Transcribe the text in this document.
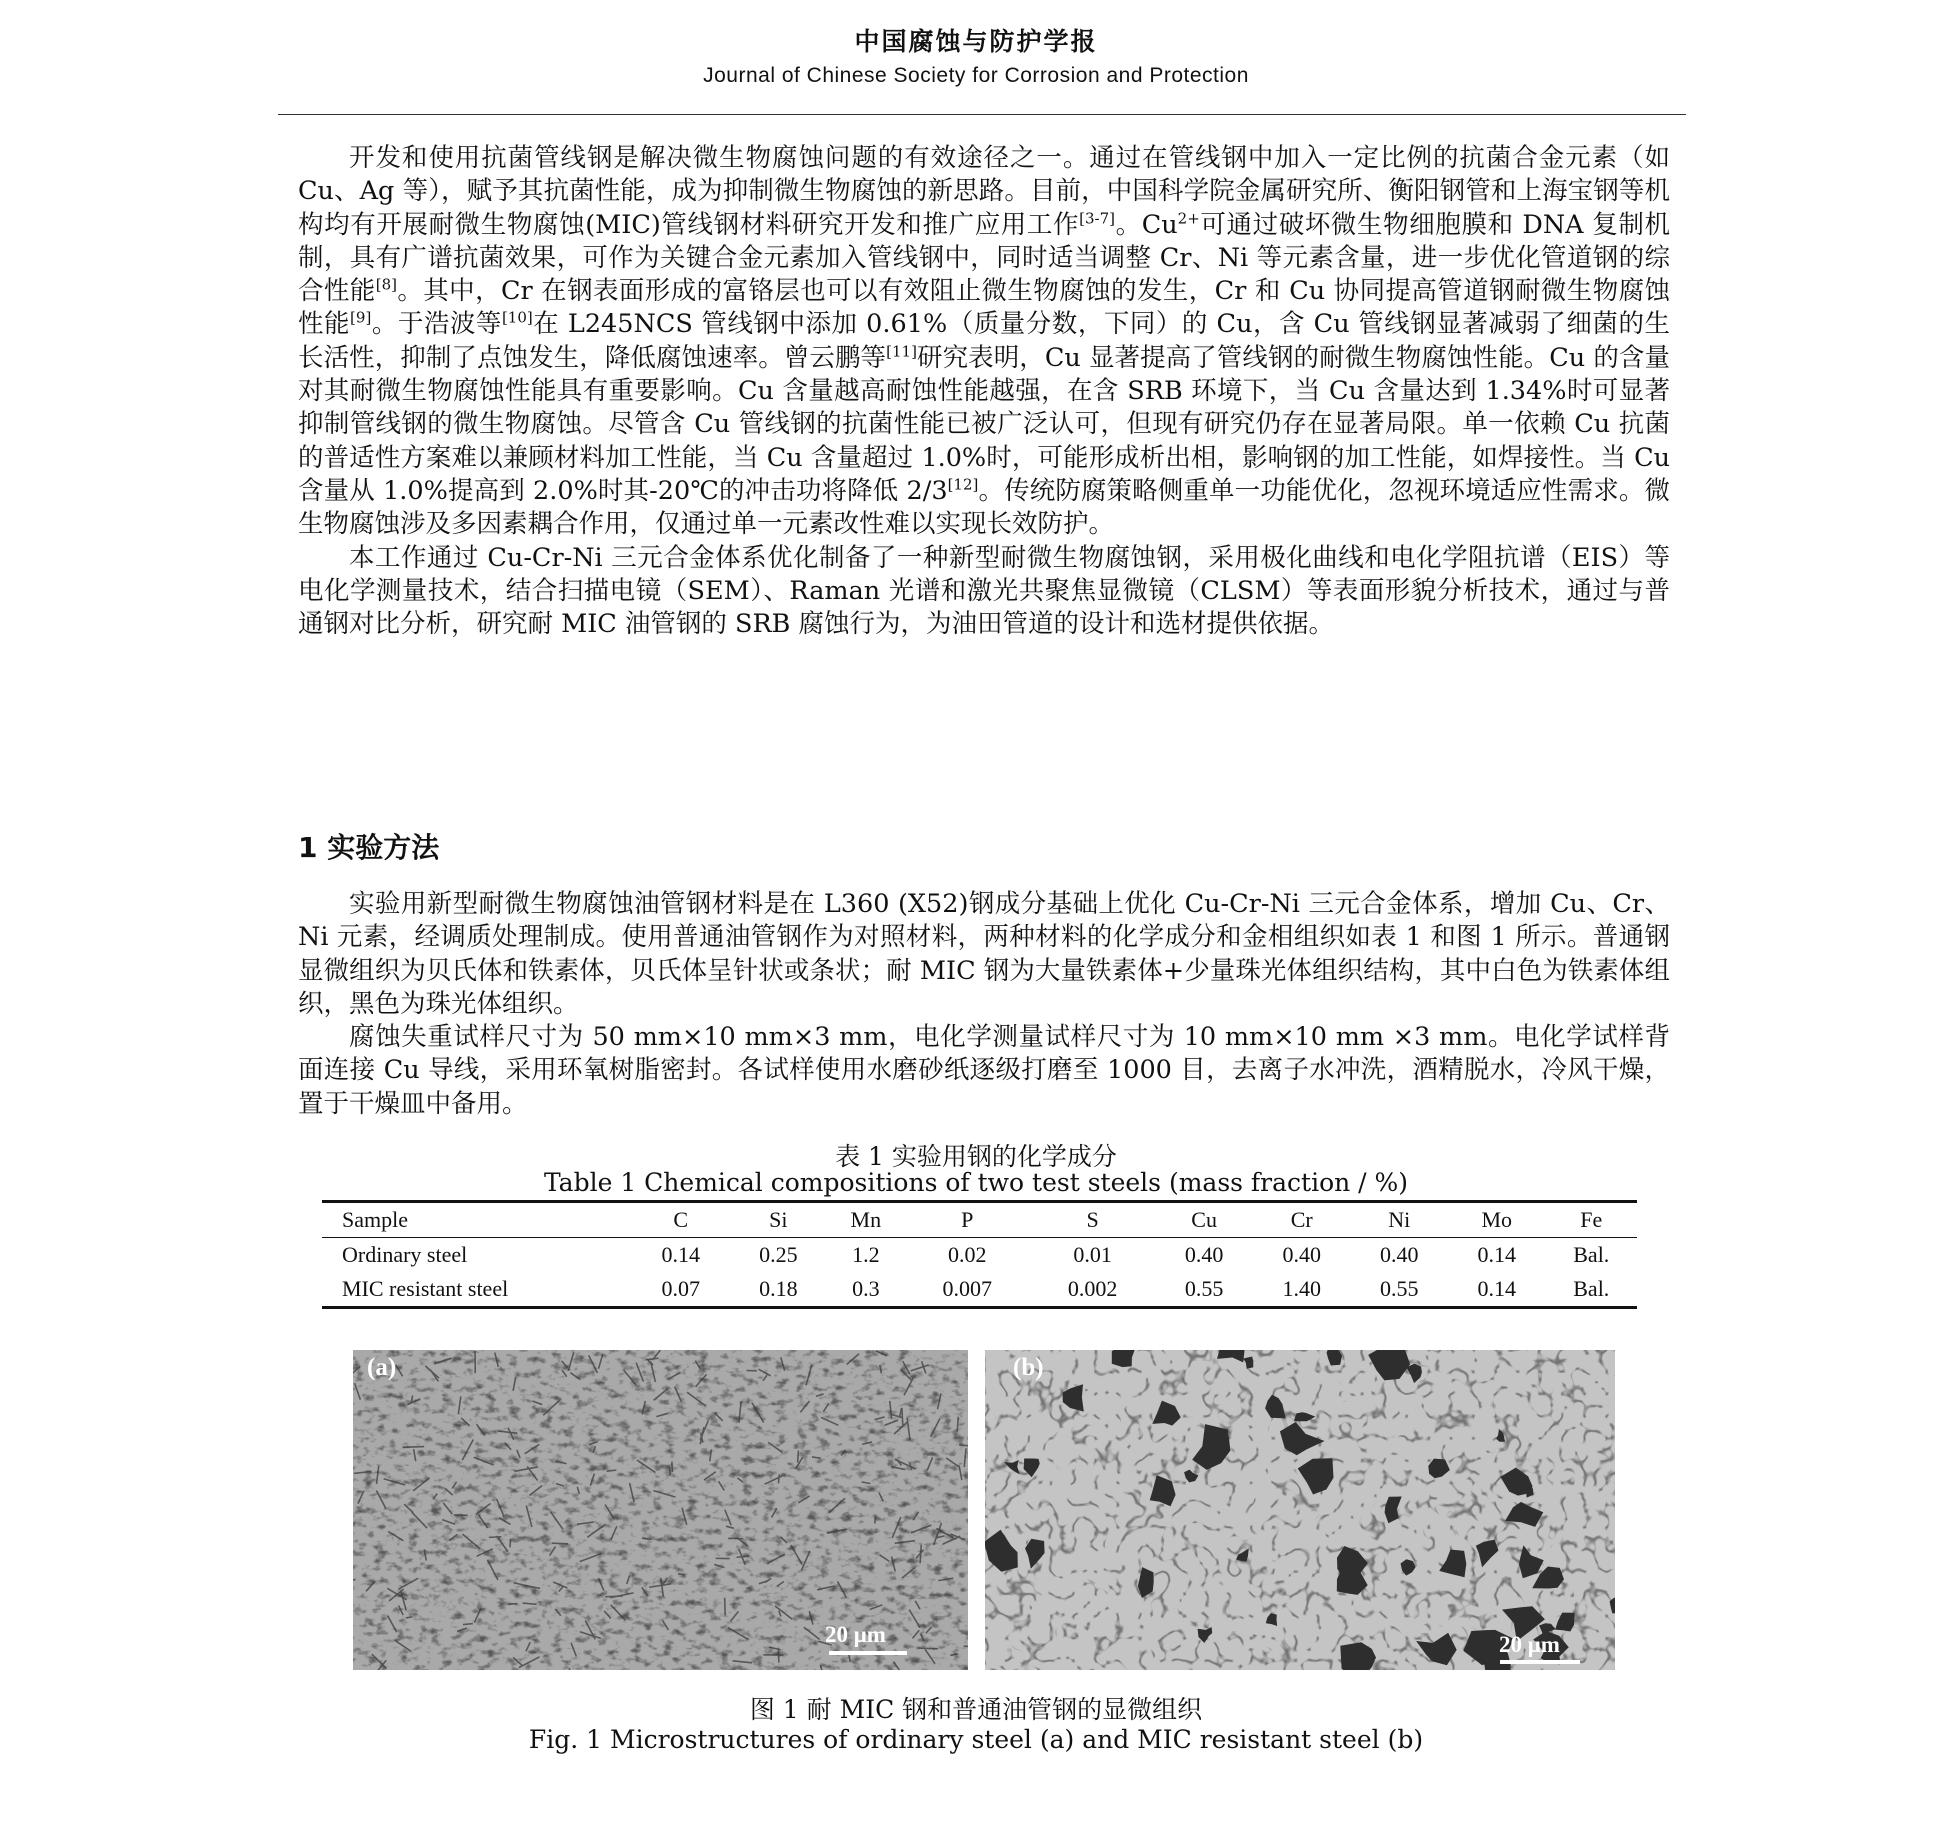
中国腐蚀与防护学报
Journal of Chinese Society for Corrosion and Protection

开发和使用抗菌管线钢是解决微生物腐蚀问题的有效途径之一。通过在管线钢中加入一定比例的抗菌合金元素（如 Cu、Ag 等），赋予其抗菌性能，成为抑制微生物腐蚀的新思路。目前，中国科学院金属研究所、衡阳钢管和上海宝钢等机构均有开展耐微生物腐蚀(MIC)管线钢材料研究开发和推广应用工作[3-7]。$Cu^{2+}$可通过破坏微生物细胞膜和 DNA 复制机制，具有广谱抗菌效果，可作为关键合金元素加入管线钢中，同时适当调整 Cr、Ni 等元素含量，进一步优化管道钢的综合性能[8]。其中，Cr 在钢表面形成的富铬层也可以有效阻止微生物腐蚀的发生，Cr 和 Cu 协同提高管道钢耐微生物腐蚀性能[9]。于浩波等[10]在 L245NCS 管线钢中添加 0.61%（质量分数，下同）的 Cu，含 Cu 管线钢显著减弱了细菌的生长活性，抑制了点蚀发生，降低腐蚀速率。曾云鹏等[11]研究表明，Cu 显著提高了管线钢的耐微生物腐蚀性能。Cu 的含量对其耐微生物腐蚀性能具有重要影响。Cu 含量越高耐蚀性能越强，在含 SRB 环境下，当 Cu 含量达到 1.34%时可显著抑制管线钢的微生物腐蚀。尽管含 Cu 管线钢的抗菌性能已被广泛认可，但现有研究仍存在显著局限。单一依赖 Cu 抗菌的普适性方案难以兼顾材料加工性能，当 Cu 含量超过 1.0%时，可能形成析出相，影响钢的加工性能，如焊接性。当 Cu 含量从 1.0%提高到 2.0%时其-20℃的冲击功将降低 2/3[12]。传统防腐策略侧重单一功能优化，忽视环境适应性需求。微生物腐蚀涉及多因素耦合作用，仅通过单一元素改性难以实现长效防护。

本工作通过 Cu-Cr-Ni 三元合金体系优化制备了一种新型耐微生物腐蚀钢，采用极化曲线和电化学阻抗谱（EIS）等电化学测量技术，结合扫描电镜（SEM）、Raman 光谱和激光共聚焦显微镜（CLSM）等表面形貌分析技术，通过与普通钢对比分析，研究耐 MIC 油管钢的 SRB 腐蚀行为，为油田管道的设计和选材提供依据。

1 实验方法

实验用新型耐微生物腐蚀油管钢材料是在 L360 (X52)钢成分基础上优化 Cu-Cr-Ni 三元合金体系，增加 Cu、Cr、Ni 元素，经调质处理制成。使用普通油管钢作为对照材料，两种材料的化学成分和金相组织如表 1 和图 1 所示。普通钢显微组织为贝氏体和铁素体，贝氏体呈针状或条状；耐 MIC 钢为大量铁素体+少量珠光体组织结构，其中白色为铁素体组织，黑色为珠光体组织。

腐蚀失重试样尺寸为 50 mm×10 mm×3 mm，电化学测量试样尺寸为 10 mm×10 mm ×3 mm。电化学试样背面连接 Cu 导线，采用环氧树脂密封。各试样使用水磨砂纸逐级打磨至 1000 目，去离子水冲洗，酒精脱水，冷风干燥，置于干燥皿中备用。

表 1 实验用钢的化学成分
Table 1 Chemical compositions of two test steels (mass fraction / %)
Sample	C	Si	Mn	P	S	Cu	Cr	Ni	Mo	Fe
Ordinary steel	0.14	0.25	1.2	0.02	0.01	0.40	0.40	0.40	0.14	Bal.
MIC resistant steel	0.07	0.18	0.3	0.007	0.002	0.55	1.40	0.55	0.14	Bal.
(a)
20 μm
(b)
20 μm
图 1 耐 MIC 钢和普通油管钢的显微组织
Fig. 1 Microstructures of ordinary steel (a) and MIC resistant steel (b)
